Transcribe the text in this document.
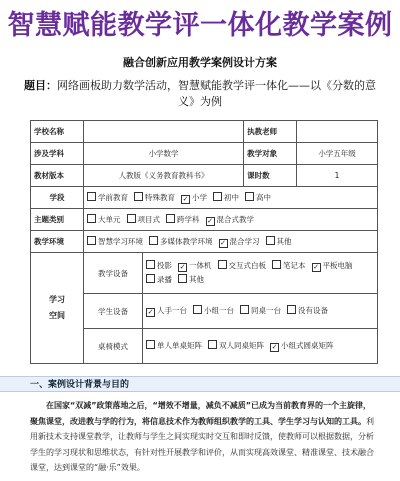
智慧赋能教学评一体化教学案例
融合创新应用教学案例设计方案
题目：网络画板助力数学活动，智慧赋能教学评一体化——以《分数的意义》为例
学校名称			执教老师	
涉及学科	小学数学		教学对象	小学五年级
教材版本	人教版《义务教育教科书》		课时数	1
学段	学前教育 特殊教育 ✓ 小学 初中 高中			
主题类别	大单元 项目式 跨学科 ✓ 混合式教学			
教学环境	智慧学习环境 多媒体教学环境 ✓ 混合学习 其他			

学习
空间	教学设备	投影 ✓ 一体机 交互式白板 笔记本 ✓ 平板电脑录播 其他		
	学生设备	✓ 人手一台 小组一台 同桌一台 没有设备		
	桌椅模式	单人单桌矩阵 双人同桌矩阵 ✓ 小组式圆桌矩阵		
一、案例设计背景与目的
在国家“双减”政策落地之后，“增效不增量，减负不减质”已成为当前教育界的一个主旋律，聚焦课堂，改进教与学的行为，将信息技术作为教师组织教学的工具、学生学习与认知的工具。利用新技术支持课堂教学，让教师与学生之间实现实时交互和即时反馈，使教师可以根据数据，分析学生的学习现状和思维状态，有针对性开展教学和评价，从而实现高效课堂、精准课堂、技术融合课堂，达到课堂的“融·乐”效果。
